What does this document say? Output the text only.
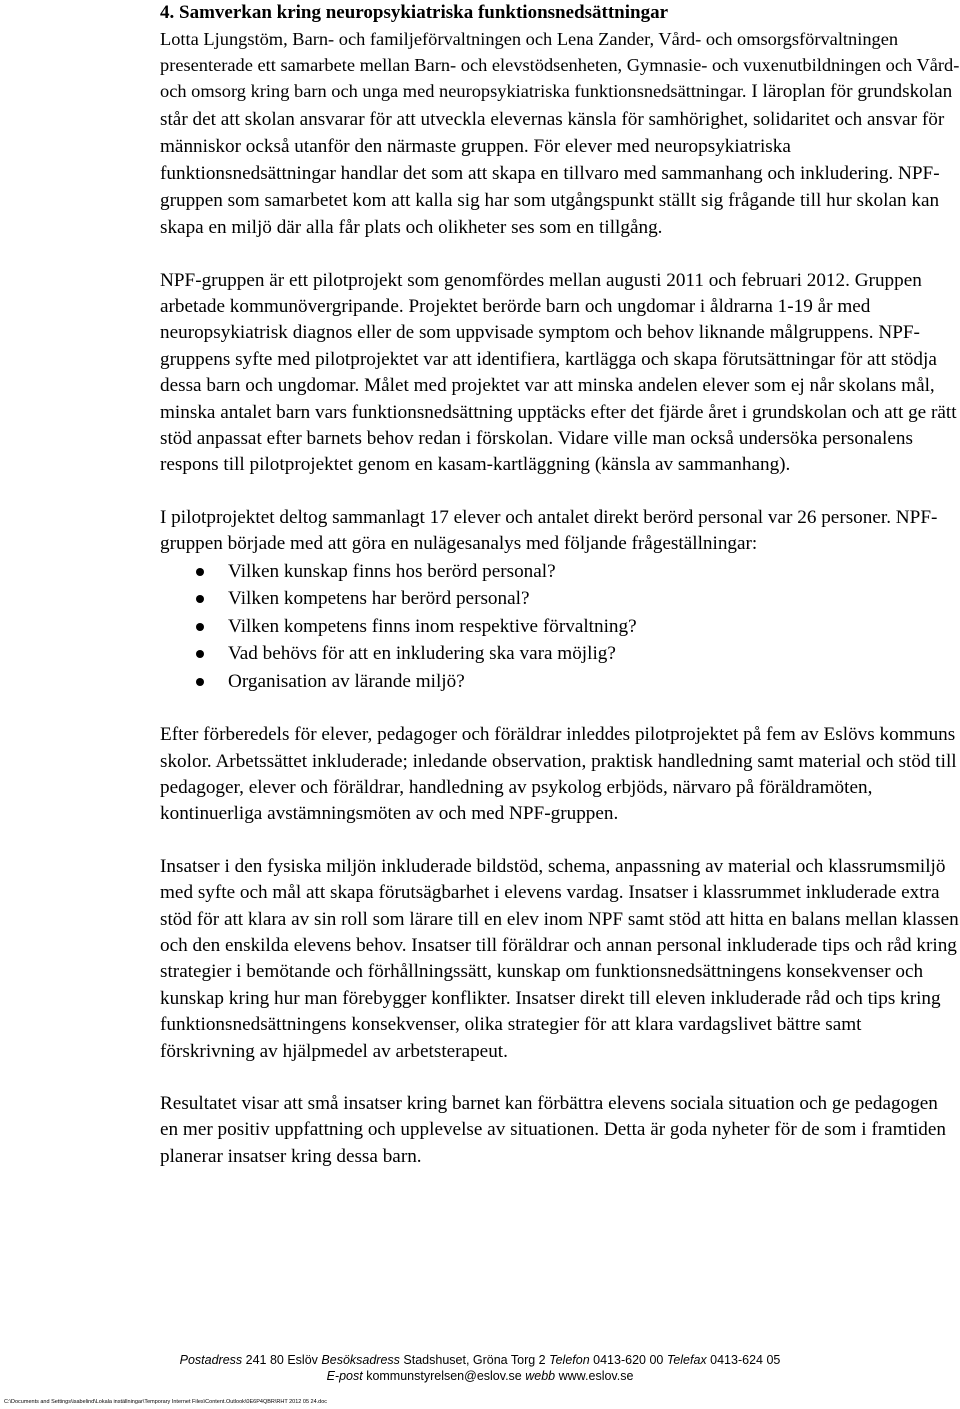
4. Samverkan kring neuropsykiatriska funktionsnedsättningar

Lotta Ljungstöm, Barn- och familjeförvaltningen och Lena Zander, Vård- och omsorgsförvaltningen presenterade ett samarbete mellan Barn- och elevstödsenheten, Gymnasie- och vuxenutbildningen och Vård- och omsorg kring barn och unga med neuropsykiatriska funktionsnedsättningar. I läroplan för grundskolan står det att skolan ansvarar för att utveckla elevernas känsla för samhörighet, solidaritet och ansvar för människor också utanför den närmaste gruppen. För elever med neuropsykiatriska funktionsnedsättningar handlar det som att skapa en tillvaro med sammanhang och inkludering. NPF-gruppen som samarbetet kom att kalla sig har som utgångspunkt ställt sig frågande till hur skolan kan skapa en miljö där alla får plats och olikheter ses som en tillgång.

NPF-gruppen är ett pilotprojekt som genomfördes mellan augusti 2011 och februari 2012. Gruppen arbetade kommunövergripande. Projektet berörde barn och ungdomar i åldrarna 1-19 år med neuropsykiatrisk diagnos eller de som uppvisade symptom och behov liknande målgruppens. NPF-gruppens syfte med pilotprojektet var att identifiera, kartlägga och skapa förutsättningar för att stödja dessa barn och ungdomar. Målet med projektet var att minska andelen elever som ej når skolans mål, minska antalet barn vars funktionsnedsättning upptäcks efter det fjärde året i grundskolan och att ge rätt stöd anpassat efter barnets behov redan i förskolan. Vidare ville man också undersöka personalens respons till pilotprojektet genom en kasam-kartläggning (känsla av sammanhang).

I pilotprojektet deltog sammanlagt 17 elever och antalet direkt berörd personal var 26 personer. NPF-gruppen började med att göra en nulägesanalys med följande frågeställningar:

Vilken kunskap finns hos berörd personal?
Vilken kompetens har berörd personal?
Vilken kompetens finns inom respektive förvaltning?
Vad behövs för att en inkludering ska vara möjlig?
Organisation av lärande miljö?

Efter förberedels för elever, pedagoger och föräldrar inleddes pilotprojektet på fem av Eslövs kommuns skolor. Arbetssättet inkluderade; inledande observation, praktisk handledning samt material och stöd till pedagoger, elever och föräldrar, handledning av psykolog erbjöds, närvaro på föräldramöten, kontinuerliga avstämningsmöten av och med NPF-gruppen.

Insatser i den fysiska miljön inkluderade bildstöd, schema, anpassning av material och klassrumsmiljö med syfte och mål att skapa förutsägbarhet i elevens vardag. Insatser i klassrummet inkluderade extra stöd för att klara av sin roll som lärare till en elev inom NPF samt stöd att hitta en balans mellan klassen och den enskilda elevens behov. Insatser till föräldrar och annan personal inkluderade tips och råd kring strategier i bemötande och förhållningssätt, kunskap om funktionsnedsättningens konsekvenser och kunskap kring hur man förebygger konflikter. Insatser direkt till eleven inkluderade råd och tips kring funktionsnedsättningens konsekvenser, olika strategier för att klara vardagslivet bättre samt förskrivning av hjälpmedel av arbetsterapeut.

Resultatet visar att små insatser kring barnet kan förbättra elevens sociala situation och ge pedagogen en mer positiv uppfattning och upplevelse av situationen. Detta är goda nyheter för de som i framtiden planerar insatser kring dessa barn.

Postadress 241 80 Eslöv Besöksadress Stadshuset, Gröna Torg 2 Telefon 0413-620 00 Telefax 0413-624 05
E-post kommunstyrelsen@eslov.se webb www.eslov.se
C:\Documents and Settings\isabelind\Lokala inställningar\Temporary Internet Files\Content.Outlook\0E6P4QBR\RHT 2012 05 24.doc
